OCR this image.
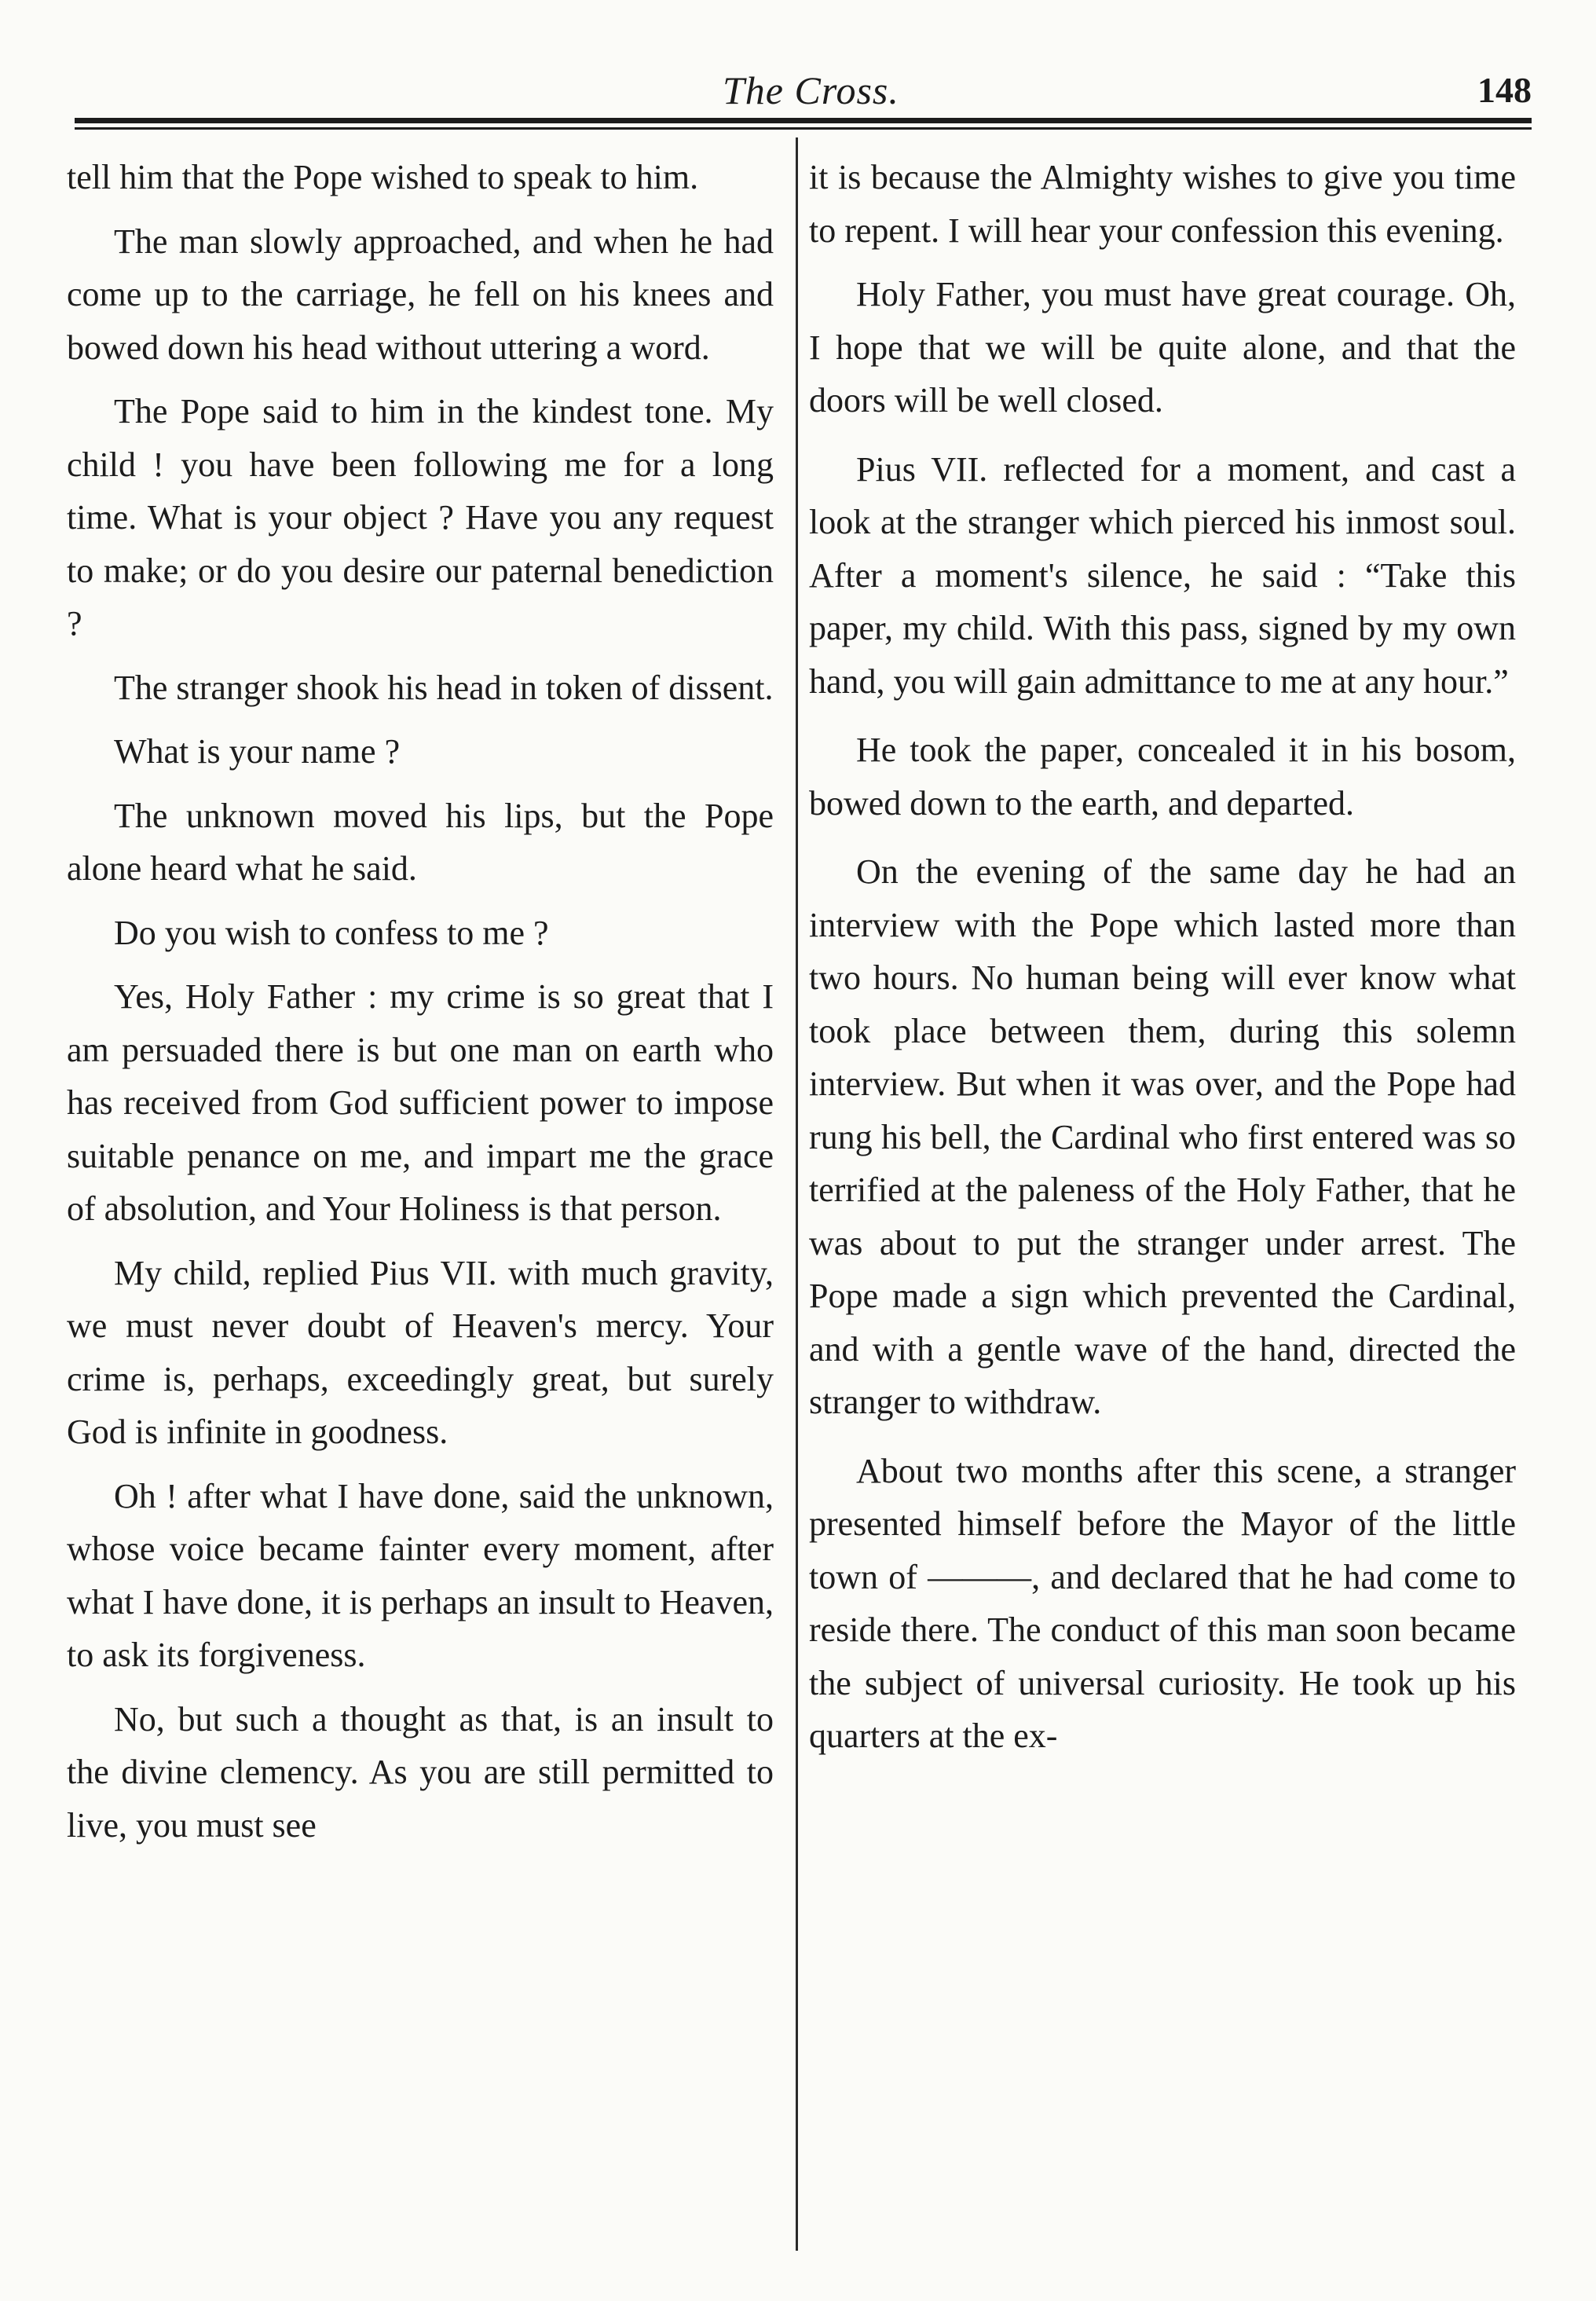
The Cross.	148

tell him that the Pope wished to speak to him.

The man slowly approached, and when he had come up to the carriage, he fell on his knees and bowed down his head without uttering a word.

The Pope said to him in the kindest tone. My child ! you have been following me for a long time. What is your object ? Have you any request to make; or do you desire our paternal benediction ?

The stranger shook his head in token of dissent.

What is your name ?

The unknown moved his lips, but the Pope alone heard what he said.

Do you wish to confess to me ?

Yes, Holy Father : my crime is so great that I am persuaded there is but one man on earth who has received from God sufficient power to impose suitable penance on me, and impart me the grace of absolution, and Your Holiness is that person.

My child, replied Pius VII. with much gravity, we must never doubt of Heaven's mercy. Your crime is, perhaps, exceedingly great, but surely God is infinite in goodness.

Oh ! after what I have done, said the unknown, whose voice became fainter every moment, after what I have done, it is perhaps an insult to Heaven, to ask its forgiveness.

No, but such a thought as that, is an insult to the divine clemency. As you are still permitted to live, you must see

it is because the Almighty wishes to give you time to repent. I will hear your confession this evening.

Holy Father, you must have great courage. Oh, I hope that we will be quite alone, and that the doors will be well closed.

Pius VII. reflected for a moment, and cast a look at the stranger which pierced his inmost soul. After a moment's silence, he said : “Take this paper, my child. With this pass, signed by my own hand, you will gain admittance to me at any hour.”

He took the paper, concealed it in his bosom, bowed down to the earth, and departed.

On the evening of the same day he had an interview with the Pope which lasted more than two hours. No human being will ever know what took place between them, during this solemn interview. But when it was over, and the Pope had rung his bell, the Cardinal who first entered was so terrified at the paleness of the Holy Father, that he was about to put the stranger under arrest. The Pope made a sign which prevented the Cardinal, and with a gentle wave of the hand, directed the stranger to withdraw.

About two months after this scene, a stranger presented himself before the Mayor of the little town of ———, and declared that he had come to reside there. The conduct of this man soon became the subject of universal curiosity. He took up his quarters at the ex-
